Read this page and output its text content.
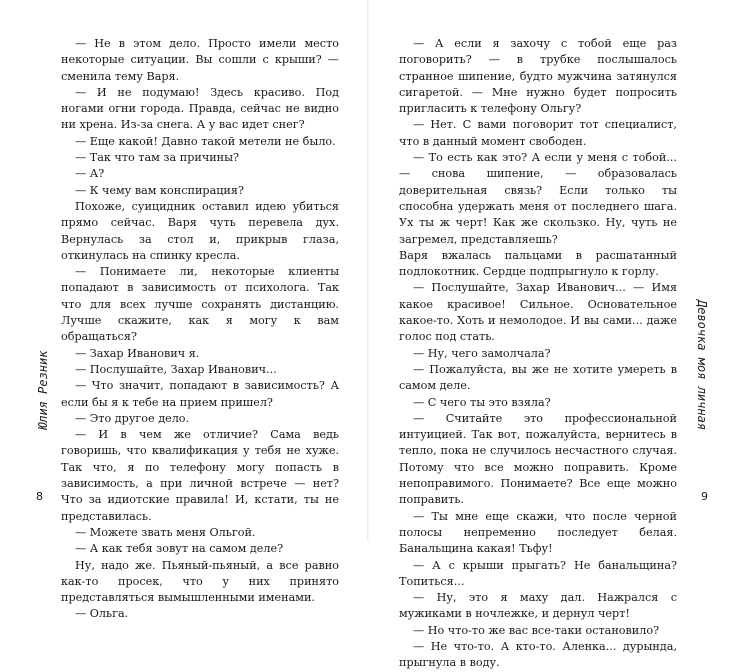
Юлия Резник

— Не в этом дело. Просто имели место некоторые ситуации. Вы сошли с крыши? — сменила тему Варя.

— И не подумаю! Здесь красиво. Под ногами огни города. Правда, сейчас не видно ни хрена. Из-за снега. А у вас идет снег?

— Еще какой! Давно такой метели не было.

— Так что там за причины?

— А?

— К чему вам конспирация?

Похоже, суицидник оставил идею убиться прямо сейчас. Варя чуть перевела дух. Вернулась за стол и, прикрыв глаза, откинулась на спинку кресла.

— Понимаете ли, некоторые клиенты попадают в зависимость от психолога. Так что для всех лучше сохранять дистанцию. Лучше скажите, как я могу к вам обращаться?

— Захар Иванович я.

— Послушайте, Захар Иванович...

— Что значит, попадают в зависимость? А если бы я к тебе на прием пришел?

— Это другое дело.

— И в чем же отличие? Сама ведь говоришь, что квалификация у тебя не хуже. Так что, я по телефону могу попасть в зависимость, а при личной встрече — нет? Что за идиотские правила! И, кстати, ты не представилась.

— Можете звать меня Ольгой.

— А как тебя зовут на самом деле?

Ну, надо же. Пьяный-пьяный, а все равно как-то просек, что у них принято представляться вымышленными именами.

— Ольга.

8

— А если я захочу с тобой еще раз поговорить? — в трубке послышалось странное шипение, будто мужчина затянулся сигаретой. — Мне нужно будет попросить пригласить к телефону Ольгу?

— Нет. С вами поговорит тот специалист, что в данный момент свободен.

— То есть как это? А если у меня с тобой... — снова шипение, — образовалась доверительная связь? Если только ты способна удержать меня от последнего шага. Ух ты ж черт! Как же скользко. Ну, чуть не загремел, представляешь?

Варя вжалась пальцами в расшатанный подлокотник. Сердце подпрыгнуло к горлу.

— Послушайте, Захар Иванович... — Имя какое красивое! Сильное. Основательное какое-то. Хоть и немолодое. И вы сами... даже голос под стать.

— Ну, чего замолчала?

— Пожалуйста, вы же не хотите умереть в самом деле.

— С чего ты это взяла?

— Считайте это профессиональной интуицией. Так вот, пожалуйста, вернитесь в тепло, пока не случилось несчастного случая. Потому что все можно поправить. Кроме непоправимого. Понимаете? Все еще можно поправить.

— Ты мне еще скажи, что после черной полосы непременно последует белая. Банальщина какая! Тьфу!

— А с крыши прыгать? Не банальщина? Топиться...

— Ну, это я маху дал. Нажрался с мужиками в ночлежке, и дернул черт!

— Но что-то же вас все-таки остановило?

— Не что-то. А кто-то. Аленка... дурында, прыгнула в воду.

Девочка моя личная
9
